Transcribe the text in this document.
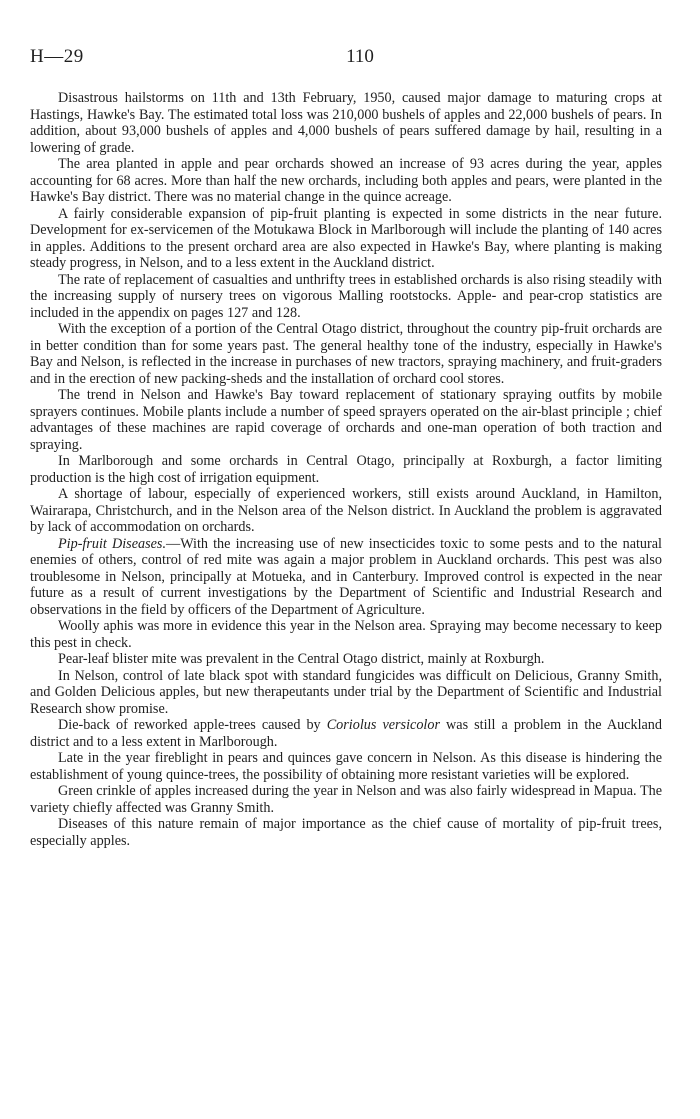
H—29	110

Disastrous hailstorms on 11th and 13th February, 1950, caused major damage to maturing crops at Hastings, Hawke's Bay. The estimated total loss was 210,000 bushels of apples and 22,000 bushels of pears. In addition, about 93,000 bushels of apples and 4,000 bushels of pears suffered damage by hail, resulting in a lowering of grade.

The area planted in apple and pear orchards showed an increase of 93 acres during the year, apples accounting for 68 acres. More than half the new orchards, including both apples and pears, were planted in the Hawke's Bay district. There was no material change in the quince acreage.

A fairly considerable expansion of pip-fruit planting is expected in some districts in the near future. Development for ex-servicemen of the Motukawa Block in Marlborough will include the planting of 140 acres in apples. Additions to the present orchard area are also expected in Hawke's Bay, where planting is making steady progress, in Nelson, and to a less extent in the Auckland district.

The rate of replacement of casualties and unthrifty trees in established orchards is also rising steadily with the increasing supply of nursery trees on vigorous Malling rootstocks. Apple- and pear-crop statistics are included in the appendix on pages 127 and 128.

With the exception of a portion of the Central Otago district, throughout the country pip-fruit orchards are in better condition than for some years past. The general healthy tone of the industry, especially in Hawke's Bay and Nelson, is reflected in the increase in purchases of new tractors, spraying machinery, and fruit-graders and in the erection of new packing-sheds and the installation of orchard cool stores.

The trend in Nelson and Hawke's Bay toward replacement of stationary spraying outfits by mobile sprayers continues. Mobile plants include a number of speed sprayers operated on the air-blast principle ; chief advantages of these machines are rapid coverage of orchards and one-man operation of both traction and spraying.

In Marlborough and some orchards in Central Otago, principally at Roxburgh, a factor limiting production is the high cost of irrigation equipment.

A shortage of labour, especially of experienced workers, still exists around Auckland, in Hamilton, Wairarapa, Christchurch, and in the Nelson area of the Nelson district. In Auckland the problem is aggravated by lack of accommodation on orchards.

Pip-fruit Diseases.—With the increasing use of new insecticides toxic to some pests and to the natural enemies of others, control of red mite was again a major problem in Auckland orchards. This pest was also troublesome in Nelson, principally at Motueka, and in Canterbury. Improved control is expected in the near future as a result of current investigations by the Department of Scientific and Industrial Research and observations in the field by officers of the Department of Agriculture.

Woolly aphis was more in evidence this year in the Nelson area. Spraying may become necessary to keep this pest in check.

Pear-leaf blister mite was prevalent in the Central Otago district, mainly at Roxburgh.

In Nelson, control of late black spot with standard fungicides was difficult on Delicious, Granny Smith, and Golden Delicious apples, but new therapeutants under trial by the Department of Scientific and Industrial Research show promise.

Die-back of reworked apple-trees caused by Coriolus versicolor was still a problem in the Auckland district and to a less extent in Marlborough.

Late in the year fireblight in pears and quinces gave concern in Nelson. As this disease is hindering the establishment of young quince-trees, the possibility of obtaining more resistant varieties will be explored.

Green crinkle of apples increased during the year in Nelson and was also fairly widespread in Mapua. The variety chiefly affected was Granny Smith.

Diseases of this nature remain of major importance as the chief cause of mortality of pip-fruit trees, especially apples.
